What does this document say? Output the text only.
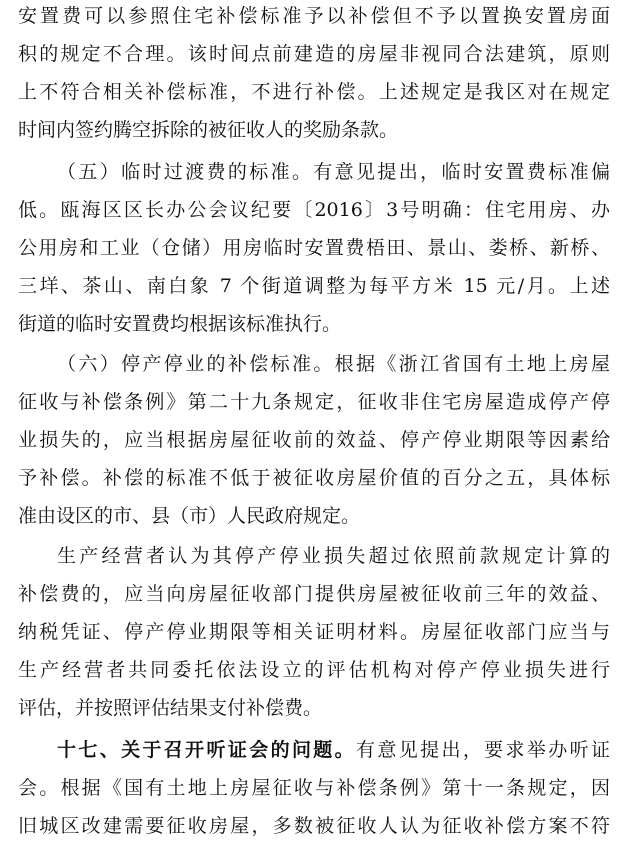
安置费可以参照住宅补偿标准予以补偿但不予以置换安置房面
积的规定不合理。该时间点前建造的房屋非视同合法建筑，原则
上不符合相关补偿标准，不进行补偿。上述规定是我区对在规定
时间内签约腾空拆除的被征收人的奖励条款。
（五）临时过渡费的标准。有意见提出，临时安置费标准偏
低。瓯海区区长办公会议纪要〔2016〕3号明确：住宅用房、办
公用房和工业（仓储）用房临时安置费梧田、景山、娄桥、新桥、
三垟、茶山、南白象 7 个街道调整为每平方米 15 元/月。上述
街道的临时安置费均根据该标准执行。
（六）停产停业的补偿标准。根据《浙江省国有土地上房屋
征收与补偿条例》第二十九条规定，征收非住宅房屋造成停产停
业损失的，应当根据房屋征收前的效益、停产停业期限等因素给
予补偿。补偿的标准不低于被征收房屋价值的百分之五，具体标
准由设区的市、县（市）人民政府规定。
生产经营者认为其停产停业损失超过依照前款规定计算的
补偿费的，应当向房屋征收部门提供房屋被征收前三年的效益、
纳税凭证、停产停业期限等相关证明材料。房屋征收部门应当与
生产经营者共同委托依法设立的评估机构对停产停业损失进行
评估，并按照评估结果支付补偿费。
十七、关于召开听证会的问题。有意见提出，要求举办听证
会。根据《国有土地上房屋征收与补偿条例》第十一条规定，因
旧城区改建需要征收房屋，多数被征收人认为征收补偿方案不符
